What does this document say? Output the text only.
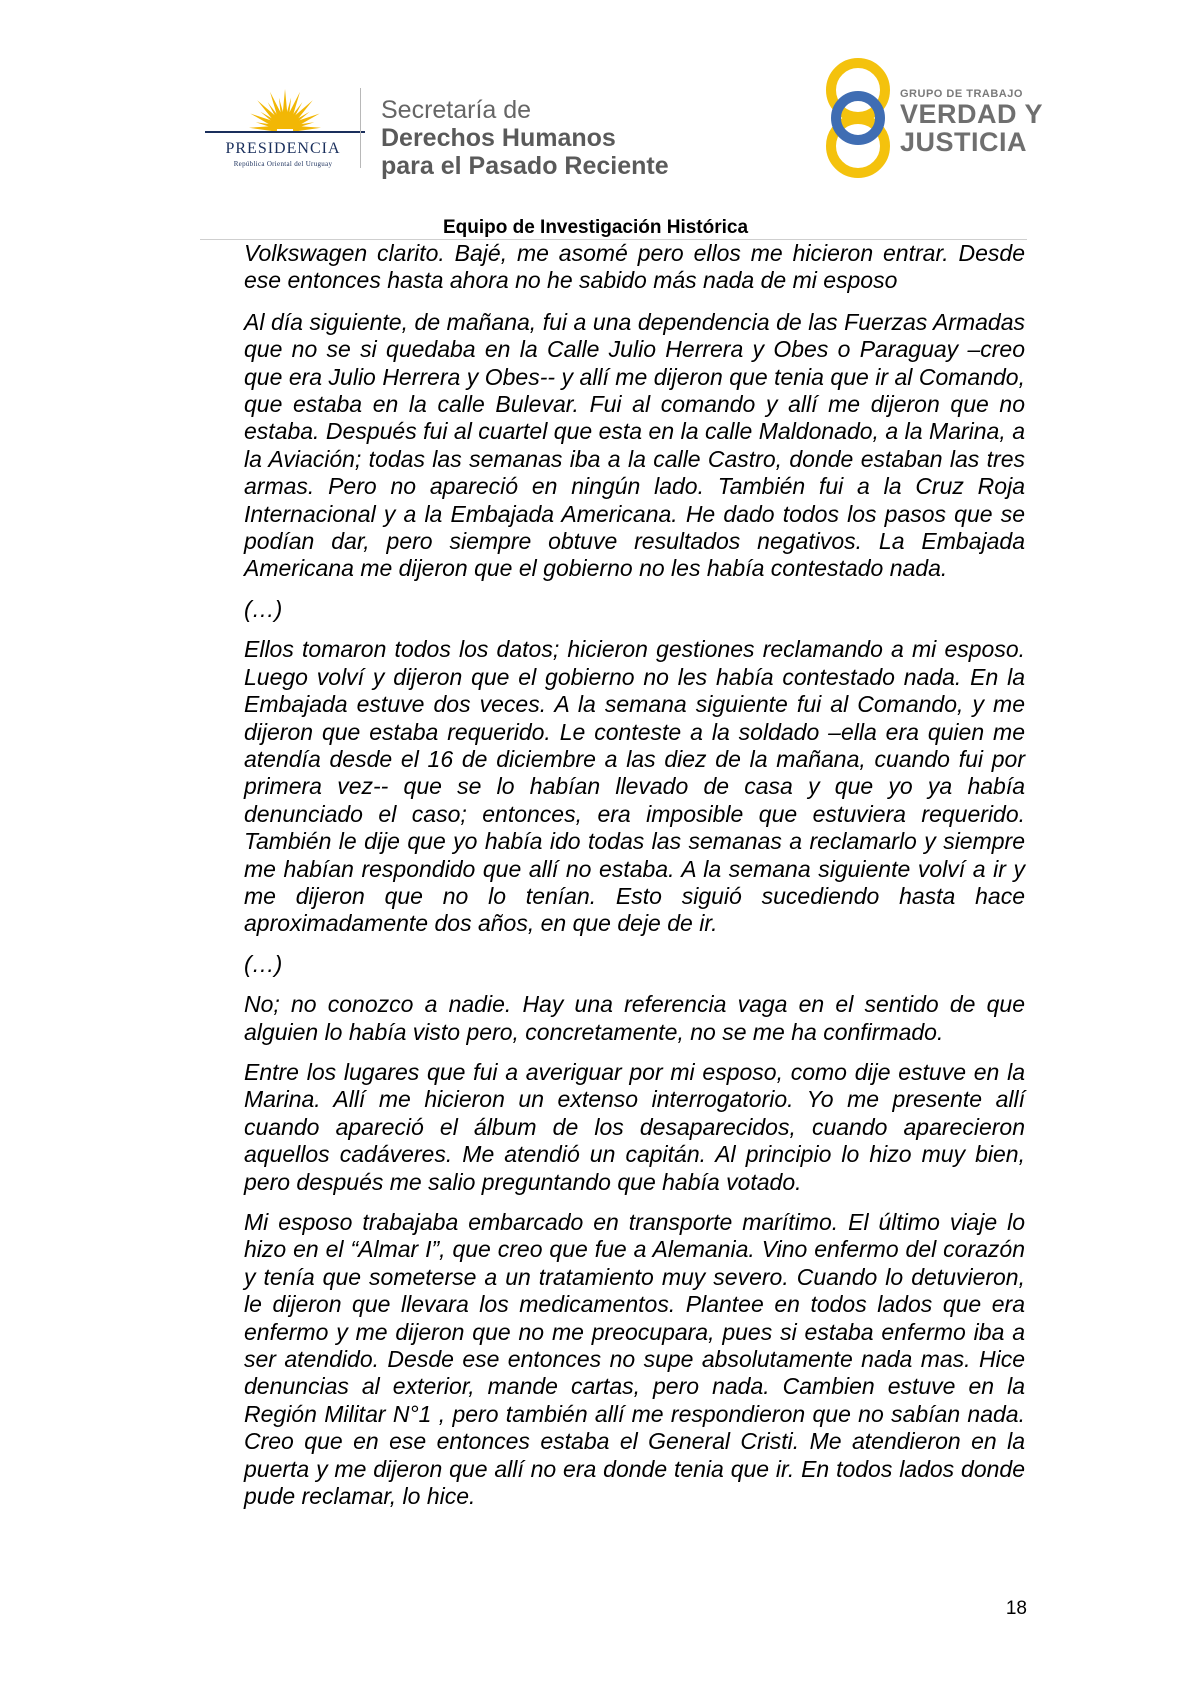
PRESIDENCIA
República Oriental del Uruguay
Secretaría de
Derechos Humanos
para el Pasado Reciente
GRUPO DE TRABAJO
VERDAD Y
JUSTICIA
Equipo de Investigación Histórica

Volkswagen clarito. Bajé, me asomé pero ellos me hicieron entrar. Desde ese entonces hasta ahora no he sabido más nada de mi esposo

Al día siguiente, de mañana, fui a una dependencia de las Fuerzas Armadas que no se si quedaba en la Calle Julio Herrera y Obes o Paraguay –creo que era Julio Herrera y Obes-- y allí me dijeron que tenia que ir al Comando, que estaba en la calle Bulevar. Fui al comando y allí me dijeron que no estaba. Después fui al cuartel que esta en la calle Maldonado, a la Marina, a la Aviación; todas las semanas iba a la calle Castro, donde estaban las tres armas. Pero no apareció en ningún lado. También fui a la Cruz Roja Internacional y a la Embajada Americana. He dado todos los pasos que se podían dar, pero siempre obtuve resultados negativos. La Embajada Americana me dijeron que el gobierno no les había contestado nada.

(…)

Ellos tomaron todos los datos; hicieron gestiones reclamando a mi esposo. Luego volví y dijeron que el gobierno no les había contestado nada. En la Embajada estuve dos veces. A la semana siguiente fui al Comando, y me dijeron que estaba requerido. Le conteste a la soldado –ella era quien me atendía desde el 16 de diciembre a las diez de la mañana, cuando fui por primera vez-- que se lo habían llevado de casa y que yo ya había denunciado el caso; entonces, era imposible que estuviera requerido. También le dije que yo había ido todas las semanas a reclamarlo y siempre me habían respondido que allí no estaba. A la semana siguiente volví a ir y me dijeron que no lo tenían. Esto siguió sucediendo hasta hace aproximadamente dos años, en que deje de ir.

(…)

No; no conozco a nadie. Hay una referencia vaga en el sentido de que alguien lo había visto pero, concretamente, no se me ha confirmado.

Entre los lugares que fui a averiguar por mi esposo, como dije estuve en la Marina. Allí me hicieron un extenso interrogatorio. Yo me presente allí cuando apareció el álbum de los desaparecidos, cuando aparecieron aquellos cadáveres. Me atendió un capitán. Al principio lo hizo muy bien, pero después me salio preguntando que había votado.

Mi esposo trabajaba embarcado en transporte marítimo. El último viaje lo hizo en el “Almar I”, que creo que fue a Alemania. Vino enfermo del corazón y tenía que someterse a un tratamiento muy severo. Cuando lo detuvieron, le dijeron que llevara los medicamentos. Plantee en todos lados que era enfermo y me dijeron que no me preocupara, pues si estaba enfermo iba a ser atendido. Desde ese entonces no supe absolutamente nada mas. Hice denuncias al exterior, mande cartas, pero nada. Cambien estuve en la Región Militar N°1 , pero también allí me respondieron que no sabían nada. Creo que en ese entonces estaba el General Cristi. Me atendieron en la puerta y me dijeron que allí no era donde tenia que ir. En todos lados donde pude reclamar, lo hice.

18
